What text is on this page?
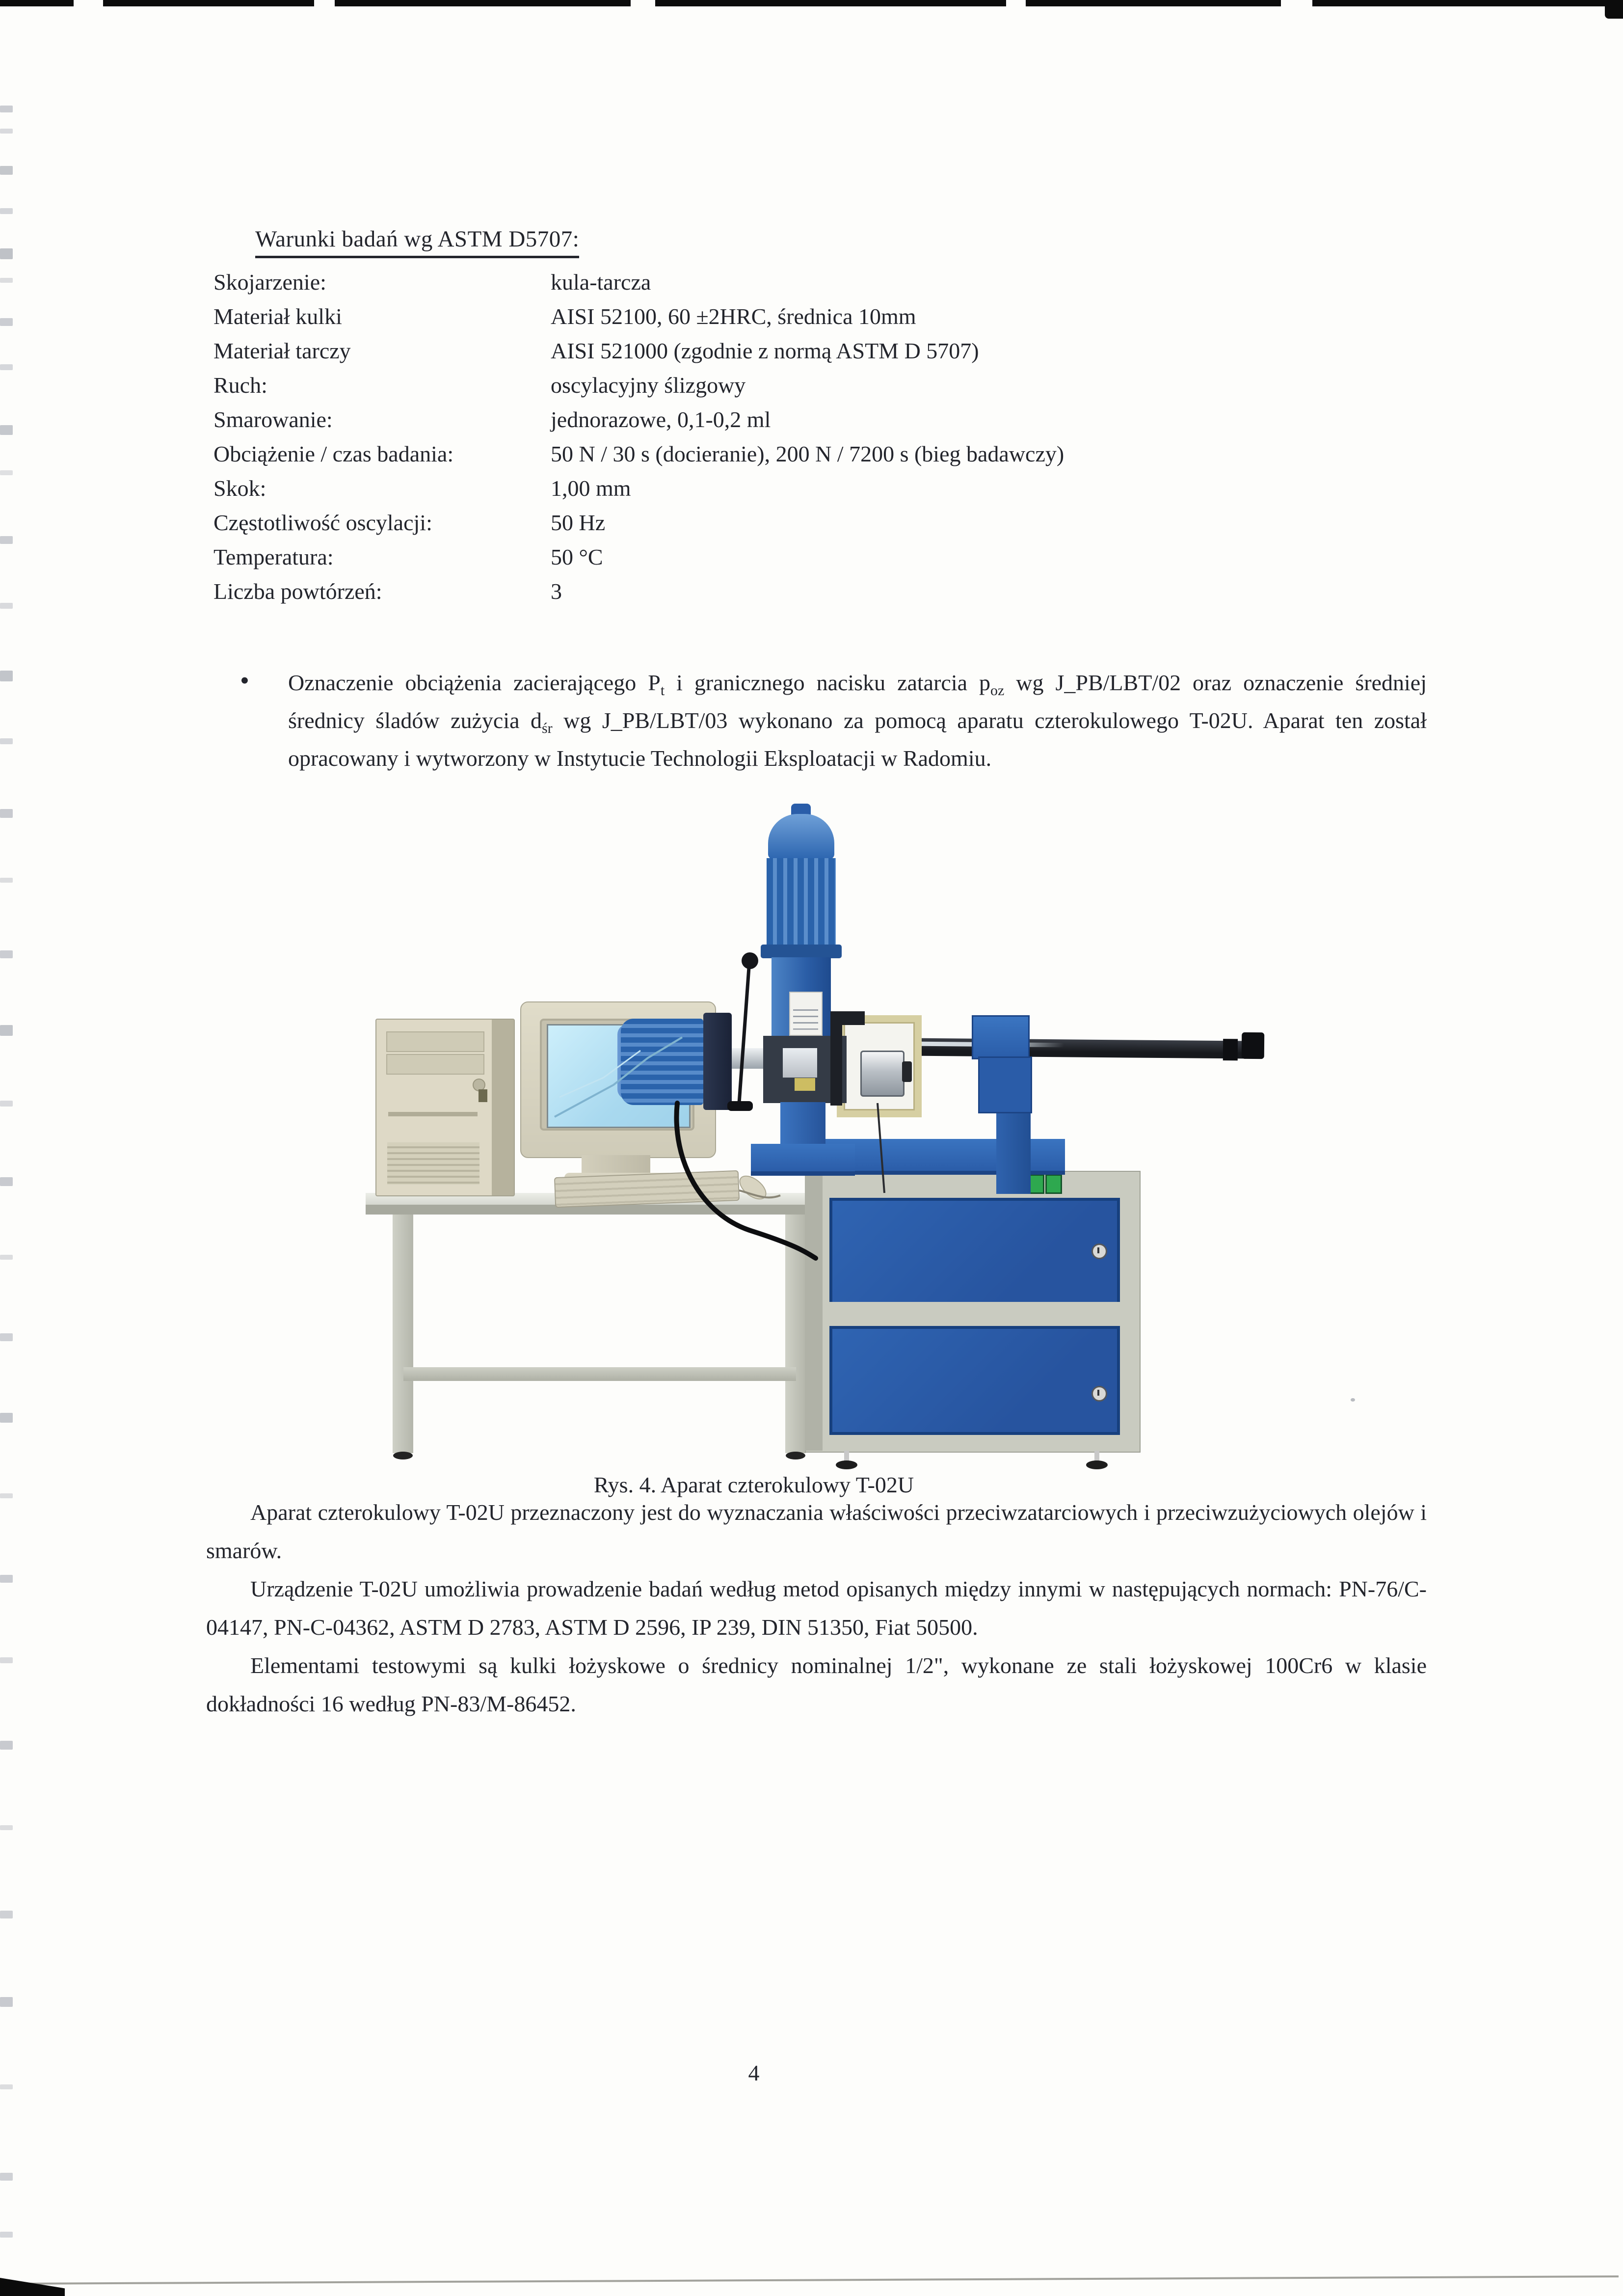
Warunki badań wg ASTM D5707:
Skojarzenie:	kula-tarcza
Materiał kulki	AISI 52100, 60 ±2HRC, średnica 10mm
Materiał tarczy	AISI 521000 (zgodnie z normą ASTM D 5707)
Ruch:	oscylacyjny ślizgowy
Smarowanie:	jednorazowe, 0,1-0,2 ml
Obciążenie / czas badania:	50 N / 30 s (docieranie), 200 N / 7200 s (bieg badawczy)
Skok:	1,00 mm
Częstotliwość oscylacji:	50 Hz
Temperatura:	50 °C
Liczba powtórzeń:	3
• Oznaczenie obciążenia zacierającego $P_t$ i granicznego nacisku zatarcia $p_{oz}$ wg J_PB/LBT/02 oraz oznaczenie średniej średnicy śladów zużycia $d_{śr}$ wg J_PB/LBT/03 wykonano za pomocą aparatu czterokulowego T-02U. Aparat ten został opracowany i wytworzony w Instytucie Technologii Eksploatacji w Radomiu.
Rys. 4. Aparat czterokulowy T-02U

Aparat czterokulowy T-02U przeznaczony jest do wyznaczania właściwości przeciwzatarciowych i przeciwzużyciowych olejów i smarów.

Urządzenie T-02U umożliwia prowadzenie badań według metod opisanych między innymi w następujących normach: PN-76/C-04147, PN-C-04362, ASTM D 2783, ASTM D 2596, IP 239, DIN 51350, Fiat 50500.

Elementami testowymi są kulki łożyskowe o średnicy nominalnej 1/2", wykonane ze stali łożyskowej 100Cr6 w klasie dokładności 16 według PN-83/M-86452.

4
